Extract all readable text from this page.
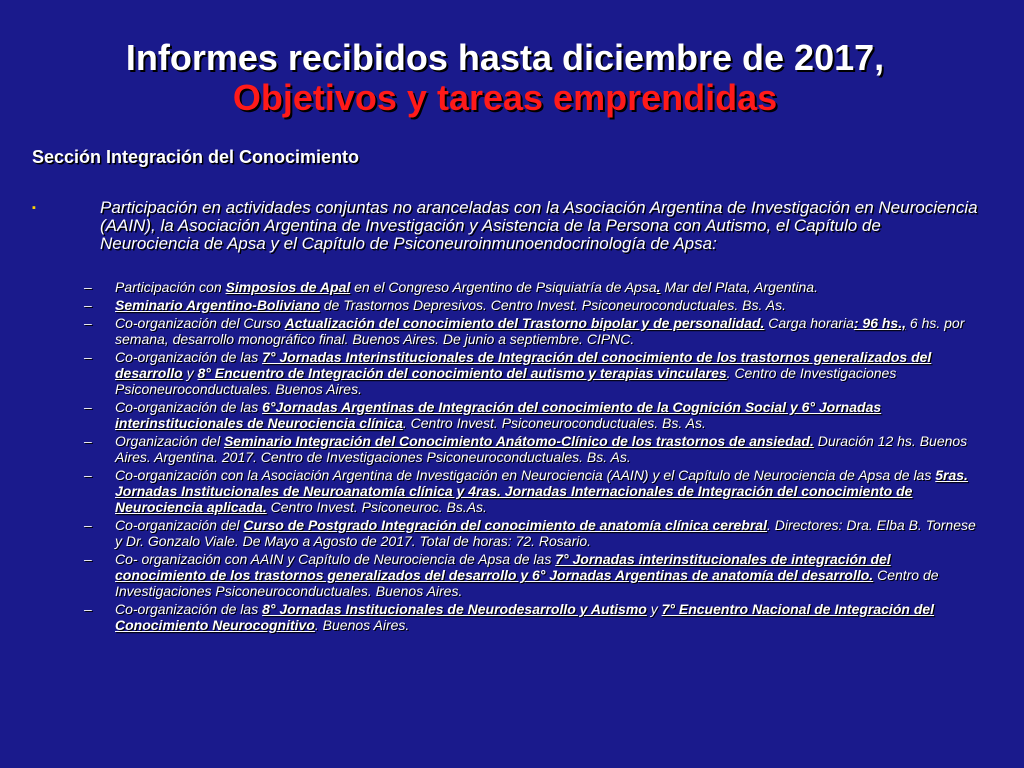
Informes recibidos hasta diciembre de 2017,
Objetivos y tareas emprendidas
Sección Integración del Conocimiento
▪	Participación en actividades conjuntas no aranceladas con la Asociación Argentina de Investigación en Neurociencia (AAIN), la Asociación Argentina de Investigación y Asistencia de la Persona con Autismo, el Capítulo de Neurociencia de Apsa y el Capítulo de Psiconeuroinmunoendocrinología de Apsa:
– Participación con Simposios de Apal en el Congreso Argentino de Psiquiatría de Apsa. Mar del Plata, Argentina.
– Seminario Argentino-Boliviano de Trastornos Depresivos. Centro Invest. Psiconeuroconductuales. Bs. As.
– Co-organización del Curso Actualización del conocimiento del Trastorno bipolar y de personalidad. Carga horaria: 96 hs., 6 hs. por semana, desarrollo monográfico final. Buenos Aires. De junio a septiembre. CIPNC.
– Co-organización de las 7° Jornadas Interinstitucionales de Integración del conocimiento de los trastornos generalizados del desarrollo y 8° Encuentro de Integración del conocimiento del autismo y terapias vinculares. Centro de Investigaciones Psiconeuroconductuales. Buenos Aires.
– Co-organización de las 6°Jornadas Argentinas de Integración del conocimiento de la Cognición Social y 6° Jornadas interinstitucionales de Neurociencia clínica. Centro Invest. Psiconeuroconductuales. Bs. As.
– Organización del Seminario Integración del Conocimiento Anátomo-Clínico de los trastornos de ansiedad. Duración 12 hs. Buenos Aires. Argentina. 2017. Centro de Investigaciones Psiconeuroconductuales. Bs. As.
– Co-organización con la Asociación Argentina de Investigación en Neurociencia (AAIN) y el Capítulo de Neurociencia de Apsa de las 5ras. Jornadas Institucionales de Neuroanatomía clínica y 4ras. Jornadas Internacionales de Integración del conocimiento de Neurociencia aplicada. Centro Invest. Psiconeuroc. Bs.As.
– Co-organización del Curso de Postgrado Integración del conocimiento de anatomía clínica cerebral. Directores: Dra. Elba B. Tornese y Dr. Gonzalo Viale. De Mayo a Agosto de 2017. Total de horas: 72. Rosario.
– Co- organización con AAIN y Capítulo de Neurociencia de Apsa de las 7° Jornadas interinstitucionales de integración del conocimiento de los trastornos generalizados del desarrollo y 6° Jornadas Argentinas de anatomía del desarrollo. Centro de Investigaciones Psiconeuroconductuales. Buenos Aires.
– Co-organización de las 8° Jornadas Institucionales de Neurodesarrollo y Autismo y 7° Encuentro Nacional de Integración del Conocimiento Neurocognitivo. Buenos Aires.
